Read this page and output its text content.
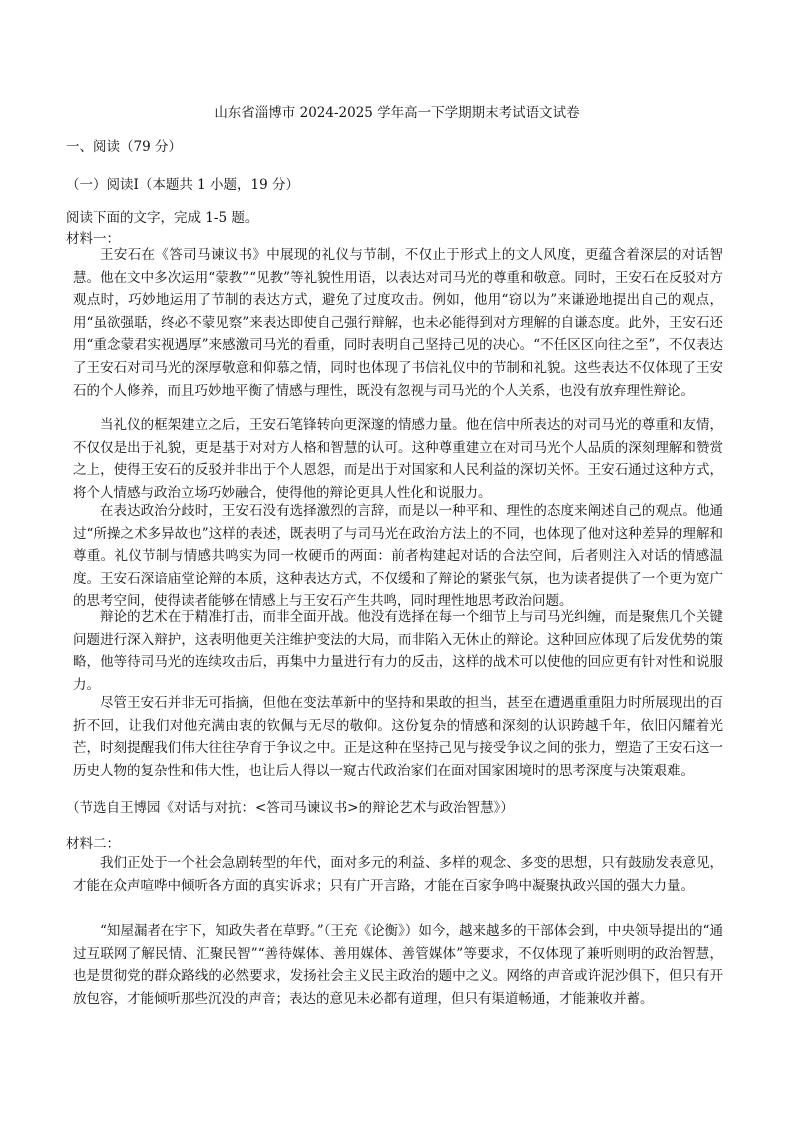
山东省淄博市 2024-2025 学年高一下学期期末考试语文试卷
一、阅读（79 分）
（一）阅读Ⅰ（本题共 1 小题，19 分）
阅读下面的文字，完成 1-5 题。
材料一：
王安石在《答司马谏议书》中展现的礼仪与节制，不仅止于形式上的文人风度，更蕴含着深层的对话智慧。他在文中多次运用“蒙教”“见教”等礼貌性用语，以表达对司马光的尊重和敬意。同时，王安石在反驳对方观点时，巧妙地运用了节制的表达方式，避免了过度攻击。例如，他用“窃以为”来谦逊地提出自己的观点，用“虽欲强聒，终必不蒙见察”来表达即使自己强行辩解，也未必能得到对方理解的自谦态度。此外，王安石还用“重念蒙君实视遇厚”来感激司马光的看重，同时表明自己坚持己见的决心。“不任区区向往之至”，不仅表达了王安石对司马光的深厚敬意和仰慕之情，同时也体现了书信礼仪中的节制和礼貌。这些表达不仅体现了王安石的个人修养，而且巧妙地平衡了情感与理性，既没有忽视与司马光的个人关系，也没有放弃理性辩论。
当礼仪的框架建立之后，王安石笔锋转向更深邃的情感力量。他在信中所表达的对司马光的尊重和友情，不仅仅是出于礼貌，更是基于对对方人格和智慧的认可。这种尊重建立在对司马光个人品质的深刻理解和赞赏之上，使得王安石的反驳并非出于个人恩怨，而是出于对国家和人民利益的深切关怀。王安石通过这种方式，将个人情感与政治立场巧妙融合，使得他的辩论更具人性化和说服力。
在表达政治分歧时，王安石没有选择激烈的言辞，而是以一种平和、理性的态度来阐述自己的观点。他通过“所操之术多异故也”这样的表述，既表明了与司马光在政治方法上的不同，也体现了他对这种差异的理解和尊重。礼仪节制与情感共鸣实为同一枚硬币的两面：前者构建起对话的合法空间，后者则注入对话的情感温度。王安石深谙庙堂论辩的本质，这种表达方式，不仅缓和了辩论的紧张气氛，也为读者提供了一个更为宽广的思考空间，使得读者能够在情感上与王安石产生共鸣，同时理性地思考政治问题。
辩论的艺术在于精准打击，而非全面开战。他没有选择在每一个细节上与司马光纠缠，而是聚焦几个关键问题进行深入辩护，这表明他更关注维护变法的大局，而非陷入无休止的辩论。这种回应体现了后发优势的策略，他等待司马光的连续攻击后，再集中力量进行有力的反击，这样的战术可以使他的回应更有针对性和说服力。
尽管王安石并非无可指摘，但他在变法革新中的坚持和果敢的担当，甚至在遭遇重重阻力时所展现出的百折不回，让我们对他充满由衷的钦佩与无尽的敬仰。这份复杂的情感和深刻的认识跨越千年，依旧闪耀着光芒，时刻提醒我们伟大往往孕育于争议之中。正是这种在坚持己见与接受争议之间的张力，塑造了王安石这一历史人物的复杂性和伟大性，也让后人得以一窥古代政治家们在面对国家困境时的思考深度与决策艰难。
（节选自王博园《对话与对抗：<答司马谏议书>的辩论艺术与政治智慧》）
材料二：
我们正处于一个社会急剧转型的年代，面对多元的利益、多样的观念、多变的思想，只有鼓励发表意见，才能在众声喧哗中倾听各方面的真实诉求；只有广开言路，才能在百家争鸣中凝聚执政兴国的强大力量。
“知屋漏者在宇下，知政失者在草野。”（王充《论衡》）如今，越来越多的干部体会到，中央领导提出的“通过互联网了解民情、汇聚民智”“善待媒体、善用媒体、善管媒体”等要求，不仅体现了兼听则明的政治智慧，也是贯彻党的群众路线的必然要求，发扬社会主义民主政治的题中之义。网络的声音或许泥沙俱下，但只有开放包容，才能倾听那些沉没的声音；表达的意见未必都有道理，但只有渠道畅通，才能兼收并蓄。
